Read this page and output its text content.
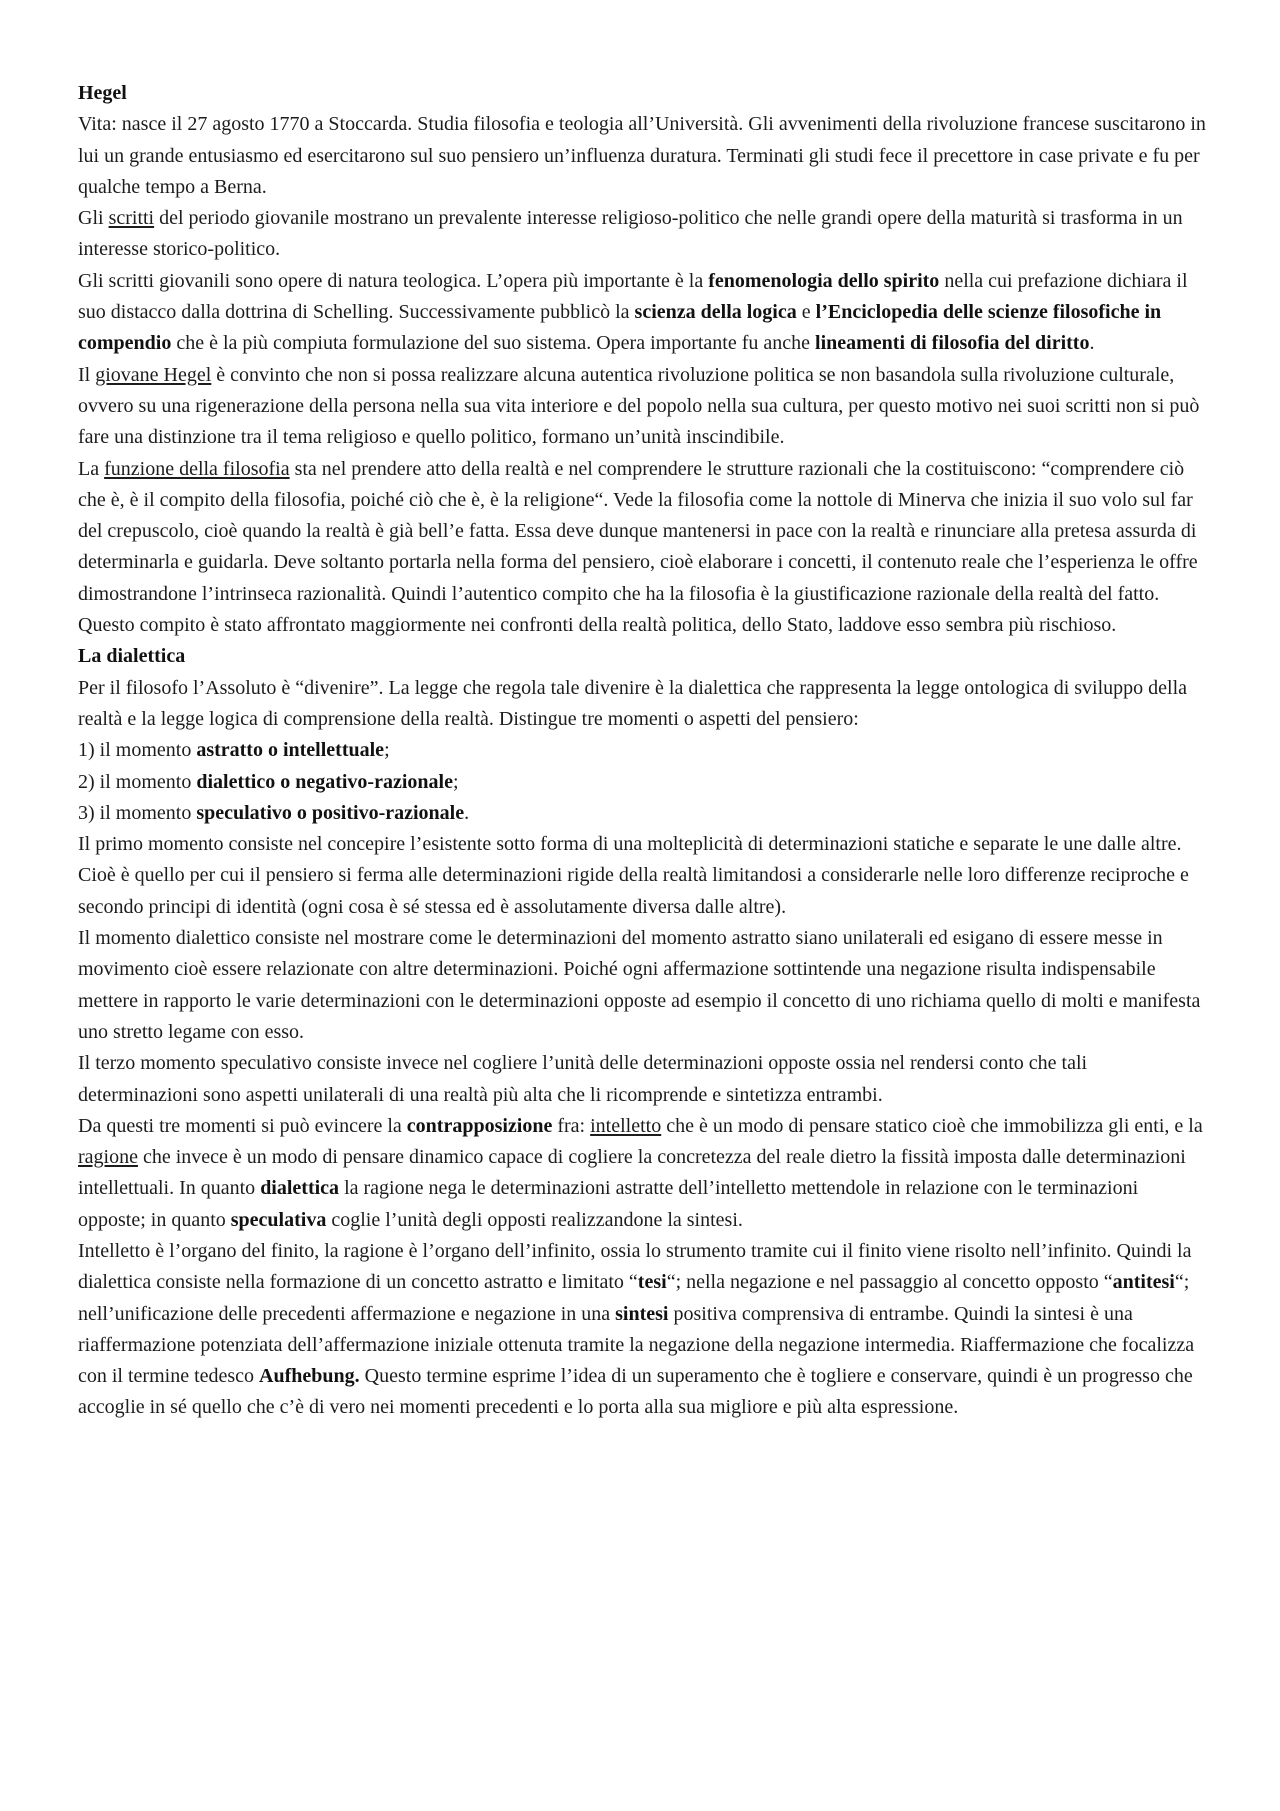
Hegel

Vita: nasce il 27 agosto 1770 a Stoccarda. Studia filosofia e teologia all’Università. Gli avvenimenti della rivoluzione francese suscitarono in lui un grande entusiasmo ed esercitarono sul suo pensiero un’influenza duratura. Terminati gli studi fece il precettore in case private e fu per qualche tempo a Berna.

Gli scritti del periodo giovanile mostrano un prevalente interesse religioso-politico che nelle grandi opere della maturità si trasforma in un interesse storico-politico.

Gli scritti giovanili sono opere di natura teologica. L’opera più importante è la fenomenologia dello spirito nella cui prefazione dichiara il suo distacco dalla dottrina di Schelling. Successivamente pubblicò la scienza della logica e l’Enciclopedia delle scienze filosofiche in compendio che è la più compiuta formulazione del suo sistema. Opera importante fu anche lineamenti di filosofia del diritto.

Il giovane Hegel è convinto che non si possa realizzare alcuna autentica rivoluzione politica se non basandola sulla rivoluzione culturale, ovvero su una rigenerazione della persona nella sua vita interiore e del popolo nella sua cultura, per questo motivo nei suoi scritti non si può fare una distinzione tra il tema religioso e quello politico, formano un’unità inscindibile.

La funzione della filosofia sta nel prendere atto della realtà e nel comprendere le strutture razionali che la costituiscono: “comprendere ciò che è, è il compito della filosofia, poiché ciò che è, è la religione“. Vede la filosofia come la nottole di Minerva che inizia il suo volo sul far del crepuscolo, cioè quando la realtà è già bell’e fatta. Essa deve dunque mantenersi in pace con la realtà e rinunciare alla pretesa assurda di determinarla e guidarla. Deve soltanto portarla nella forma del pensiero, cioè elaborare i concetti, il contenuto reale che l’esperienza le offre dimostrandone l’intrinseca razionalità. Quindi l’autentico compito che ha la filosofia è la giustificazione razionale della realtà del fatto. Questo compito è stato affrontato maggiormente nei confronti della realtà politica, dello Stato, laddove esso sembra più rischioso.

La dialettica

Per il filosofo l’Assoluto è “divenire”. La legge che regola tale divenire è la dialettica che rappresenta la legge ontologica di sviluppo della realtà e la legge logica di comprensione della realtà. Distingue tre momenti o aspetti del pensiero:

1) il momento astratto o intellettuale;

2) il momento dialettico o negativo-razionale;

3) il momento speculativo o positivo-razionale.

Il primo momento consiste nel concepire l’esistente sotto forma di una molteplicità di determinazioni statiche e separate le une dalle altre. Cioè è quello per cui il pensiero si ferma alle determinazioni rigide della realtà limitandosi a considerarle nelle loro differenze reciproche e secondo principi di identità (ogni cosa è sé stessa ed è assolutamente diversa dalle altre).

Il momento dialettico consiste nel mostrare come le determinazioni del momento astratto siano unilaterali ed esigano di essere messe in movimento cioè essere relazionate con altre determinazioni. Poiché ogni affermazione sottintende una negazione risulta indispensabile mettere in rapporto le varie determinazioni con le determinazioni opposte ad esempio il concetto di uno richiama quello di molti e manifesta uno stretto legame con esso.

Il terzo momento speculativo consiste invece nel cogliere l’unità delle determinazioni opposte ossia nel rendersi conto che tali determinazioni sono aspetti unilaterali di una realtà più alta che li ricomprende e sintetizza entrambi.

Da questi tre momenti si può evincere la contrapposizione fra: intelletto che è un modo di pensare statico cioè che immobilizza gli enti, e la ragione che invece è un modo di pensare dinamico capace di cogliere la concretezza del reale dietro la fissità imposta dalle determinazioni intellettuali. In quanto dialettica la ragione nega le determinazioni astratte dell’intelletto mettendole in relazione con le terminazioni opposte; in quanto speculativa coglie l’unità degli opposti realizzandone la sintesi.

Intelletto è l’organo del finito, la ragione è l’organo dell’infinito, ossia lo strumento tramite cui il finito viene risolto nell’infinito. Quindi la dialettica consiste nella formazione di un concetto astratto e limitato “tesi“; nella negazione e nel passaggio al concetto opposto “antitesi“; nell’unificazione delle precedenti affermazione e negazione in una sintesi positiva comprensiva di entrambe. Quindi la sintesi è una riaffermazione potenziata dell’affermazione iniziale ottenuta tramite la negazione della negazione intermedia. Riaffermazione che focalizza con il termine tedesco Aufhebung. Questo termine esprime l’idea di un superamento che è togliere e conservare, quindi è un progresso che accoglie in sé quello che c’è di vero nei momenti precedenti e lo porta alla sua migliore e più alta espressione.
